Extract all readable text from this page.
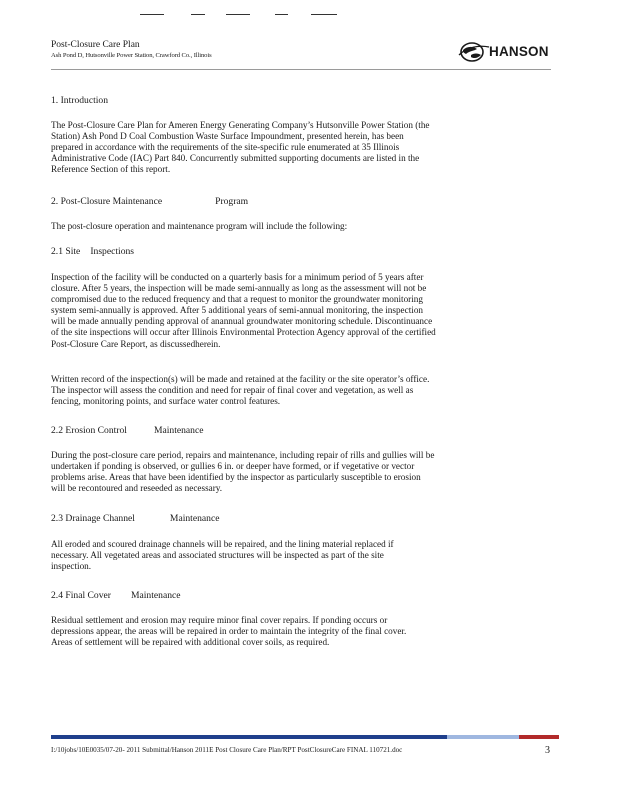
Post-Closure Care Plan
Ash Pond D, Hutsonville Power Station, Crawford Co., Illinois	HANSON
1. Introduction
The Post-Closure Care Plan for Ameren Energy Generating Company’s Hutsonville Power Station (the
Station) Ash Pond D Coal Combustion Waste Surface Impoundment, presented herein, has been
prepared in accordance with the requirements of the site-specific rule enumerated at 35 Illinois
Administrative Code (IAC) Part 840. Concurrently submitted supporting documents are listed in the
Reference Section of this report.
2. Post-Closure Maintenance	Program
The post-closure operation and maintenance program will include the following:
2.1 Site Inspections
Inspection of the facility will be conducted on a quarterly basis for a minimum period of 5 years after
closure. After 5 years, the inspection will be made semi-annually as long as the assessment will not be
compromised due to the reduced frequency and that a request to monitor the groundwater monitoring
system semi-annually is approved. After 5 additional years of semi-annual monitoring, the inspection
will be made annually pending approval of anannual groundwater monitoring schedule. Discontinuance
of the site inspections will occur after Illinois Environmental Protection Agency approval of the certified
Post-Closure Care Report, as discussedherein.
Written record of the inspection(s) will be made and retained at the facility or the site operator’s office.
The inspector will assess the condition and need for repair of final cover and vegetation, as well as
fencing, monitoring points, and surface water control features.
2.2 Erosion Control	Maintenance
During the post-closure care period, repairs and maintenance, including repair of rills and gullies will be
undertaken if ponding is observed, or gullies 6 in. or deeper have formed, or if vegetative or vector
problems arise. Areas that have been identified by the inspector as particularly susceptible to erosion
will be recontoured and reseeded as necessary.
2.3 Drainage Channel	Maintenance
All eroded and scoured drainage channels will be repaired, and the lining material replaced if
necessary. All vegetated areas and associated structures will be inspected as part of the site
inspection.
2.4 Final Cover Maintenance
Residual settlement and erosion may require minor final cover repairs. If ponding occurs or
depressions appear, the areas will be repaired in order to maintain the integrity of the final cover.
Areas of settlement will be repaired with additional cover soils, as required.
I:/10jobs/10E0035/07-20- 2011 Submittal/Hanson 2011E Post Closure Care Plan/RPT PostClosureCare FINAL 110721.doc	3
